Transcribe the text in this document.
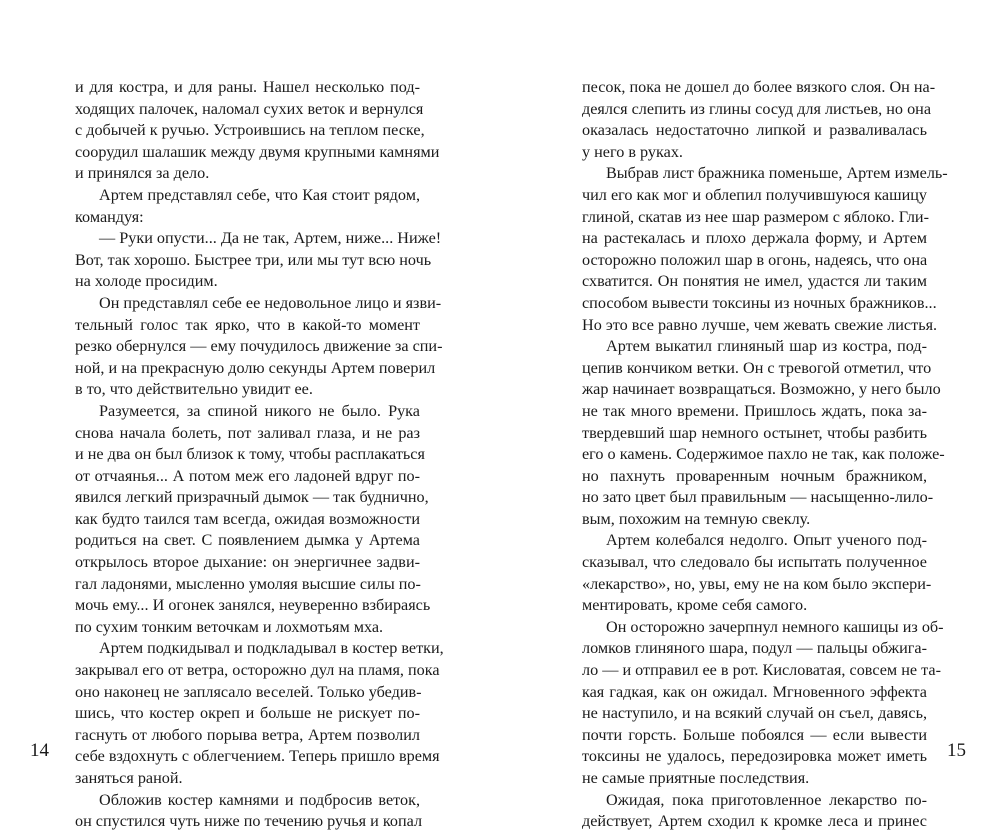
и для костра, и для раны. Нашел несколько под-
ходящих палочек, наломал сухих веток и вернулся
с добычей к ручью. Устроившись на теплом песке,
соорудил шалашик между двумя крупными камнями
и принялся за дело.
Артем представлял себе, что Кая стоит рядом,
командуя:
— Руки опусти... Да не так, Артем, ниже... Ниже!
Вот, так хорошо. Быстрее три, или мы тут всю ночь
на холоде просидим.
Он представлял себе ее недовольное лицо и язви-
тельный голос так ярко, что в какой-то момент
резко обернулся — ему почудилось движение за спи-
ной, и на прекрасную долю секунды Артем поверил
в то, что действительно увидит ее.
Разумеется, за спиной никого не было. Рука
снова начала болеть, пот заливал глаза, и не раз
и не два он был близок к тому, чтобы расплакаться
от отчаянья... А потом меж его ладоней вдруг по-
явился легкий призрачный дымок — так буднично,
как будто таился там всегда, ожидая возможности
родиться на свет. С появлением дымка у Артема
открылось второе дыхание: он энергичнее задви-
гал ладонями, мысленно умоляя высшие силы по-
мочь ему... И огонек занялся, неуверенно взбираясь
по сухим тонким веточкам и лохмотьям мха.
Артем подкидывал и подкладывал в костер ветки,
закрывал его от ветра, осторожно дул на пламя, пока
оно наконец не заплясало веселей. Только убедив-
шись, что костер окреп и больше не рискует по-
гаснуть от любого порыва ветра, Артем позволил
себе вздохнуть с облегчением. Теперь пришло время
заняться раной.
Обложив костер камнями и подбросив веток,
он спустился чуть ниже по течению ручья и копал
песок, пока не дошел до более вязкого слоя. Он на-
деялся слепить из глины сосуд для листьев, но она
оказалась недостаточно липкой и разваливалась
у него в руках.
Выбрав лист бражника поменьше, Артем измель-
чил его как мог и облепил получившуюся кашицу
глиной, скатав из нее шар размером с яблоко. Гли-
на растекалась и плохо держала форму, и Артем
осторожно положил шар в огонь, надеясь, что она
схватится. Он понятия не имел, удастся ли таким
способом вывести токсины из ночных бражников...
Но это все равно лучше, чем жевать свежие листья.
Артем выкатил глиняный шар из костра, под-
цепив кончиком ветки. Он с тревогой отметил, что
жар начинает возвращаться. Возможно, у него было
не так много времени. Пришлось ждать, пока за-
твердевший шар немного остынет, чтобы разбить
его о камень. Содержимое пахло не так, как положе-
но пахнуть проваренным ночным бражником,
но зато цвет был правильным — насыщенно-лило-
вым, похожим на темную свеклу.
Артем колебался недолго. Опыт ученого под-
сказывал, что следовало бы испытать полученное
«лекарство», но, увы, ему не на ком было экспери-
ментировать, кроме себя самого.
Он осторожно зачерпнул немного кашицы из об-
ломков глиняного шара, подул — пальцы обжига-
ло — и отправил ее в рот. Кисловатая, совсем не та-
кая гадкая, как он ожидал. Мгновенного эффекта
не наступило, и на всякий случай он съел, давясь,
почти горсть. Больше побоялся — если вывести
токсины не удалось, передозировка может иметь
не самые приятные последствия.
Ожидая, пока приготовленное лекарство по-
действует, Артем сходил к кромке леса и принес
14	15
